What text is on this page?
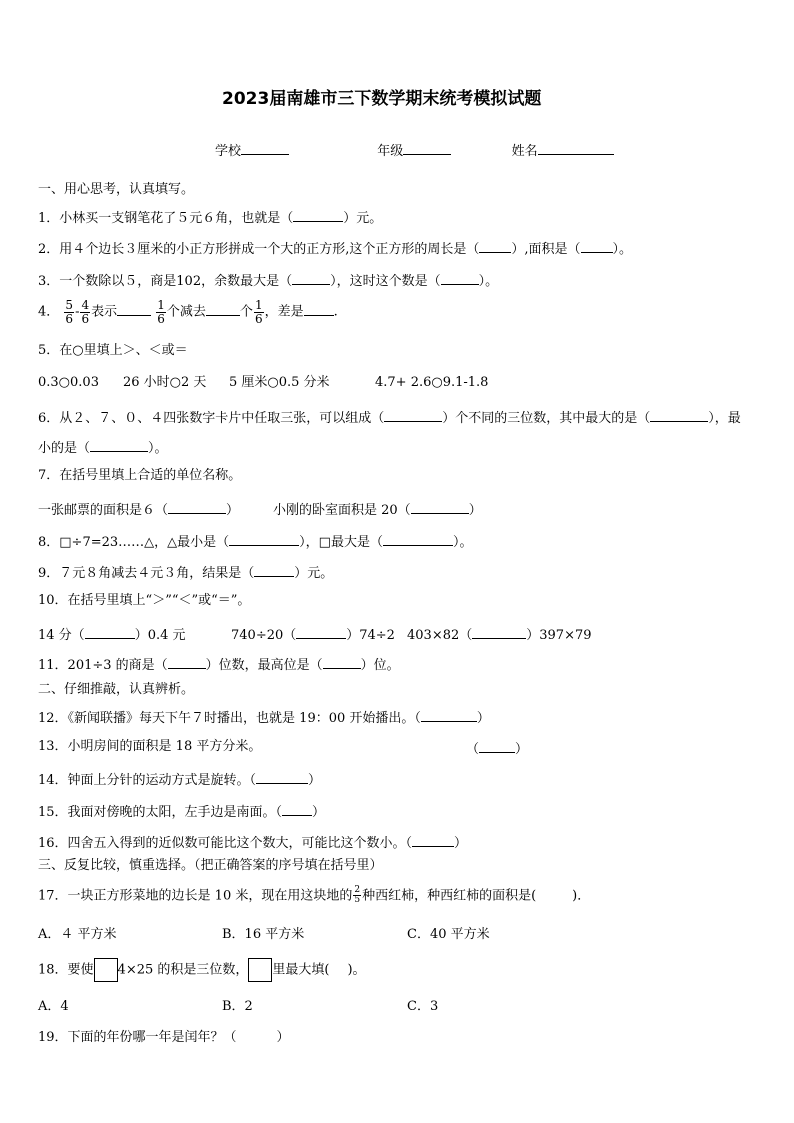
2023届南雄市三下数学期末统考模拟试题
学校	年级	姓名
一、用心思考，认真填写。
1．小林买一支钢笔花了５元６角，也就是（	）元。
2．用４个边长３厘米的小正方形拼成一个大的正方形,这个正方形的周长是（ ）,面积是（ ）。
3．一个数除以５，商是102，余数最大是（	），这时这个数是（	）。
4． $\frac{5}{6} - \frac{4}{6}$ 表示	$\frac{1}{6}$ 个减去	个 $\frac{1}{6}$ ，差是 .
5．在○里填上＞、＜或＝
0.3○0.03 26 小时○2 天 5 厘米○0.5 分米	4.7+ 2.6○9.1-1.8
6．从２、７、０、４四张数字卡片中任取三张，可以组成（	）个不同的三位数，其中最大的是（	），最
小的是（	）。
7．在括号里填上合适的单位名称。
一张邮票的面积是６（	）	小刚的卧室面积是 20（	）
8．□÷7=23……△，△最小是（	），□最大是（	）。
9．７元８角减去４元３角，结果是（	）元。
10．在括号里填上“＞”“＜”或“＝”。
14 分（	）0.4 元	740÷20（	）74÷2 403×82（	）397×79
11．201÷3 的商是（	）位数，最高位是（	）位。
二、仔细推敲，认真辨析。
12．《新闻联播》每天下午７时播出，也就是 19：00 开始播出。（	）
13．小明房间的面积是 18 平方分米。	（	）
14．钟面上分针的运动方式是旋转。（	）
15．我面对傍晚的太阳，左手边是南面。（ ）
16．四舍五入得到的近似数可能比这个数大，可能比这个数小。（	）
三、反复比较，慎重选择。（把正确答案的序号填在括号里）
17．一块正方形菜地的边长是 10 米，现在用这块地的 $\frac{2}{5}$ 种西红柿，种西红柿的面积是(	)．
A．４ 平方米	B．16 平方米	C．40 平方米
18．要使 4×25 的积是三位数， 里最大填( )。
A．4	B．2	C．3
19．下面的年份哪一年是闰年？（	）
